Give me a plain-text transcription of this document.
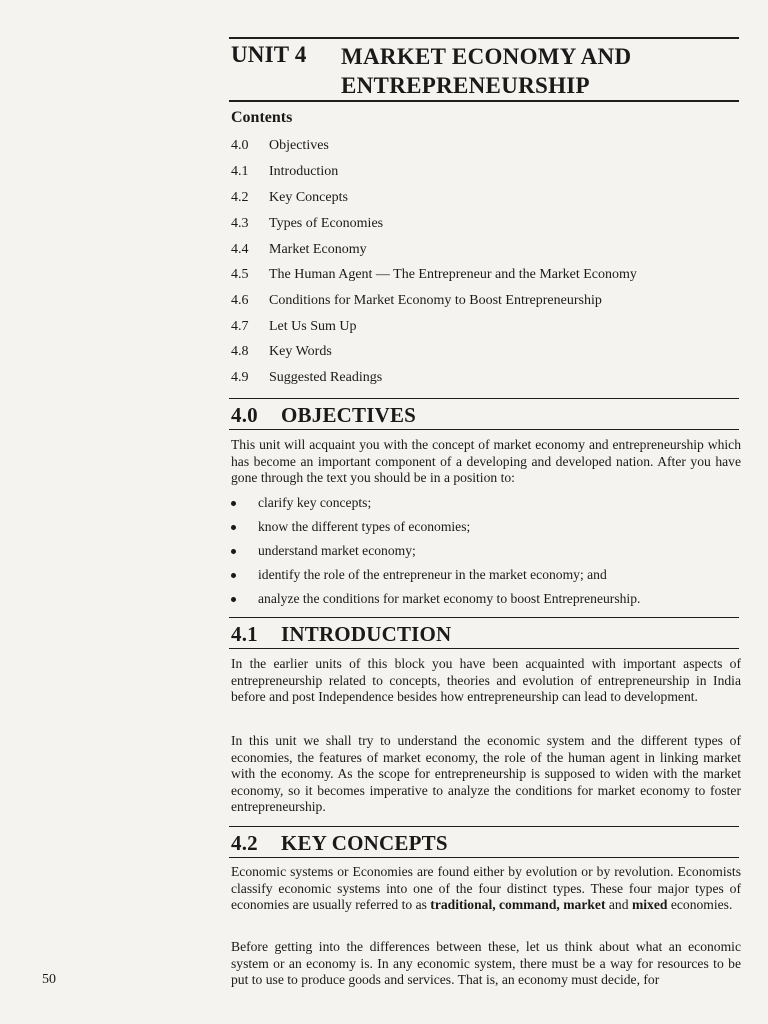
UNIT 4 MARKET ECONOMY AND
ENTREPRENEURSHIP
Contents
4.0	Objectives
4.1	Introduction
4.2	Key Concepts
4.3	Types of Economies
4.4	Market Economy
4.5	The Human Agent — The Entrepreneur and the Market Economy
4.6	Conditions for Market Economy to Boost Entrepreneurship
4.7	Let Us Sum Up
4.8	Key Words
4.9	Suggested Readings
4.0 OBJECTIVES
This unit will acquaint you with the concept of market economy and entrepreneurship which has become an important component of a developing and developed nation. After you have gone through the text you should be in a position to:
clarify key concepts;
know the different types of economies;
understand market economy;
identify the role of the entrepreneur in the market economy; and
analyze the conditions for market economy to boost Entrepreneurship.
4.1 INTRODUCTION
In the earlier units of this block you have been acquainted with important aspects of entrepreneurship related to concepts, theories and evolution of entrepreneurship in India before and post Independence besides how entrepreneurship can lead to development.
In this unit we shall try to understand the economic system and the different types of economies, the features of market economy, the role of the human agent in linking market with the economy. As the scope for entrepreneurship is supposed to widen with the market economy, so it becomes imperative to analyze the conditions for market economy to foster entrepreneurship.
4.2 KEY CONCEPTS
Economic systems or Economies are found either by evolution or by revolution. Economists classify economic systems into one of the four distinct types. These four major types of economies are usually referred to as traditional, command, market and mixed economies.
Before getting into the differences between these, let us think about what an economic system or an economy is. In any economic system, there must be a way for resources to be put to use to produce goods and services. That is, an economy must decide, for
50
